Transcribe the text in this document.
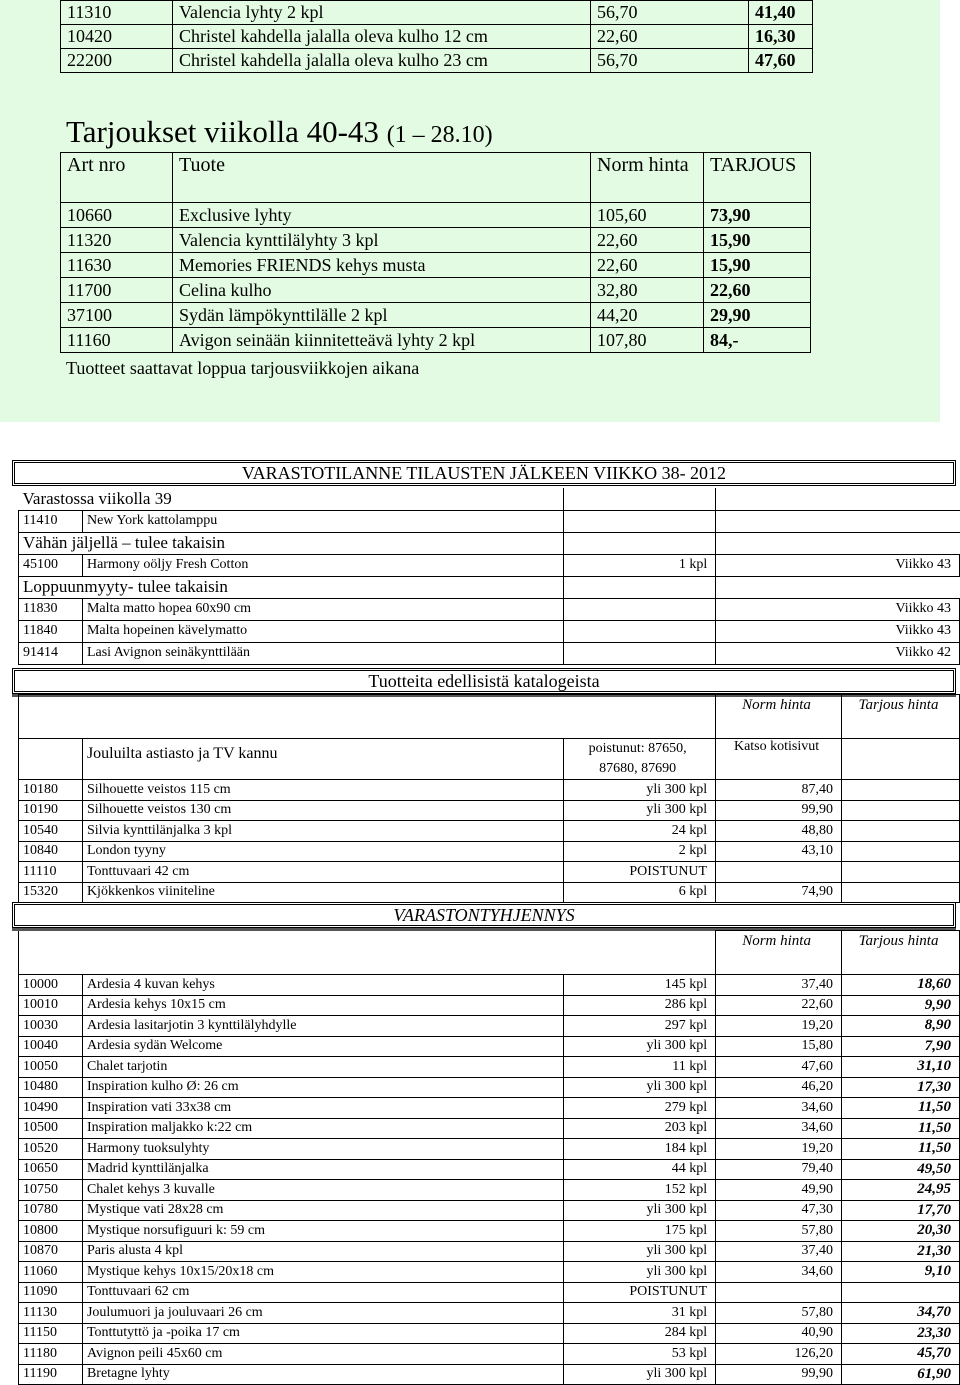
11310	Valencia lyhty 2 kpl	56,70	41,40
10420	Christel kahdella jalalla oleva kulho 12 cm	22,60	16,30
22200	Christel kahdella jalalla oleva kulho 23 cm	56,70	47,60
Tarjoukset viikolla 40-43 (1 – 28.10)
Art nro	Tuote	Norm hinta	TARJOUS
10660	Exclusive lyhty	105,60	73,90
11320	Valencia kynttilälyhty 3 kpl	22,60	15,90
11630	Memories FRIENDS kehys musta	22,60	15,90
11700	Celina kulho	32,80	22,60
37100	Sydän lämpökynttilälle 2 kpl	44,20	29,90
11160	Avigon seinään kiinnitetteävä lyhty 2 kpl	107,80	84,-
Tuotteet saattavat loppua tarjousviikkojen aikana
VARASTOTILANNE TILAUSTEN JÄLKEEN VIIKKO 38- 2012
Varastossa viikolla 39			
11410	New York kattolamppu		
Vähän jäljellä – tulee takaisin			
45100	Harmony oöljy Fresh Cotton	1 kpl	Viikko 43
Loppuunmyyty- tulee takaisin			
11830	Malta matto hopea 60x90 cm		Viikko 43
11840	Malta hopeinen kävelymatto		Viikko 43
91414	Lasi Avignon seinäkynttilään		Viikko 42
Tuotteita edellisistä katalogeista
			Norm hinta	Tarjous hinta
	Jouluilta astiasto ja TV kannu	poistunut: 87650, 87680, 87690	Katso kotisivut	
10180	Silhouette veistos 115 cm	yli 300 kpl	87,40	
10190	Silhouette veistos 130 cm	yli 300 kpl	99,90	
10540	Silvia kynttilänjalka 3 kpl	24 kpl	48,80	
10840	London tyyny	2 kpl	43,10	
11110	Tonttuvaari 42 cm	POISTUNUT		
15320	Kjökkenkos viiniteline	6 kpl	74,90	
VARASTONTYHJENNYS
			Norm hinta	Tarjous hinta
10000	Ardesia 4 kuvan kehys	145 kpl	37,40	18,60
10010	Ardesia kehys 10x15 cm	286 kpl	22,60	9,90
10030	Ardesia lasitarjotin 3 kynttilälyhdylle	297 kpl	19,20	8,90
10040	Ardesia sydän Welcome	yli 300 kpl	15,80	7,90
10050	Chalet tarjotin	11 kpl	47,60	31,10
10480	Inspiration kulho Ø: 26 cm	yli 300 kpl	46,20	17,30
10490	Inspiration vati 33x38 cm	279 kpl	34,60	11,50
10500	Inspiration maljakko k:22 cm	203 kpl	34,60	11,50
10520	Harmony tuoksulyhty	184 kpl	19,20	11,50
10650	Madrid kynttilänjalka	44 kpl	79,40	49,50
10750	Chalet kehys 3 kuvalle	152 kpl	49,90	24,95
10780	Mystique vati 28x28 cm	yli 300 kpl	47,30	17,70
10800	Mystique norsufiguuri k: 59 cm	175 kpl	57,80	20,30
10870	Paris alusta 4 kpl	yli 300 kpl	37,40	21,30
11060	Mystique kehys 10x15/20x18 cm	yli 300 kpl	34,60	9,10
11090	Tonttuvaari 62 cm	POISTUNUT		
11130	Joulumuori ja jouluvaari 26 cm	31 kpl	57,80	34,70
11150	Tonttutyttö ja -poika 17 cm	284 kpl	40,90	23,30
11180	Avignon peili 45x60 cm	53 kpl	126,20	45,70
11190	Bretagne lyhty	yli 300 kpl	99,90	61,90
